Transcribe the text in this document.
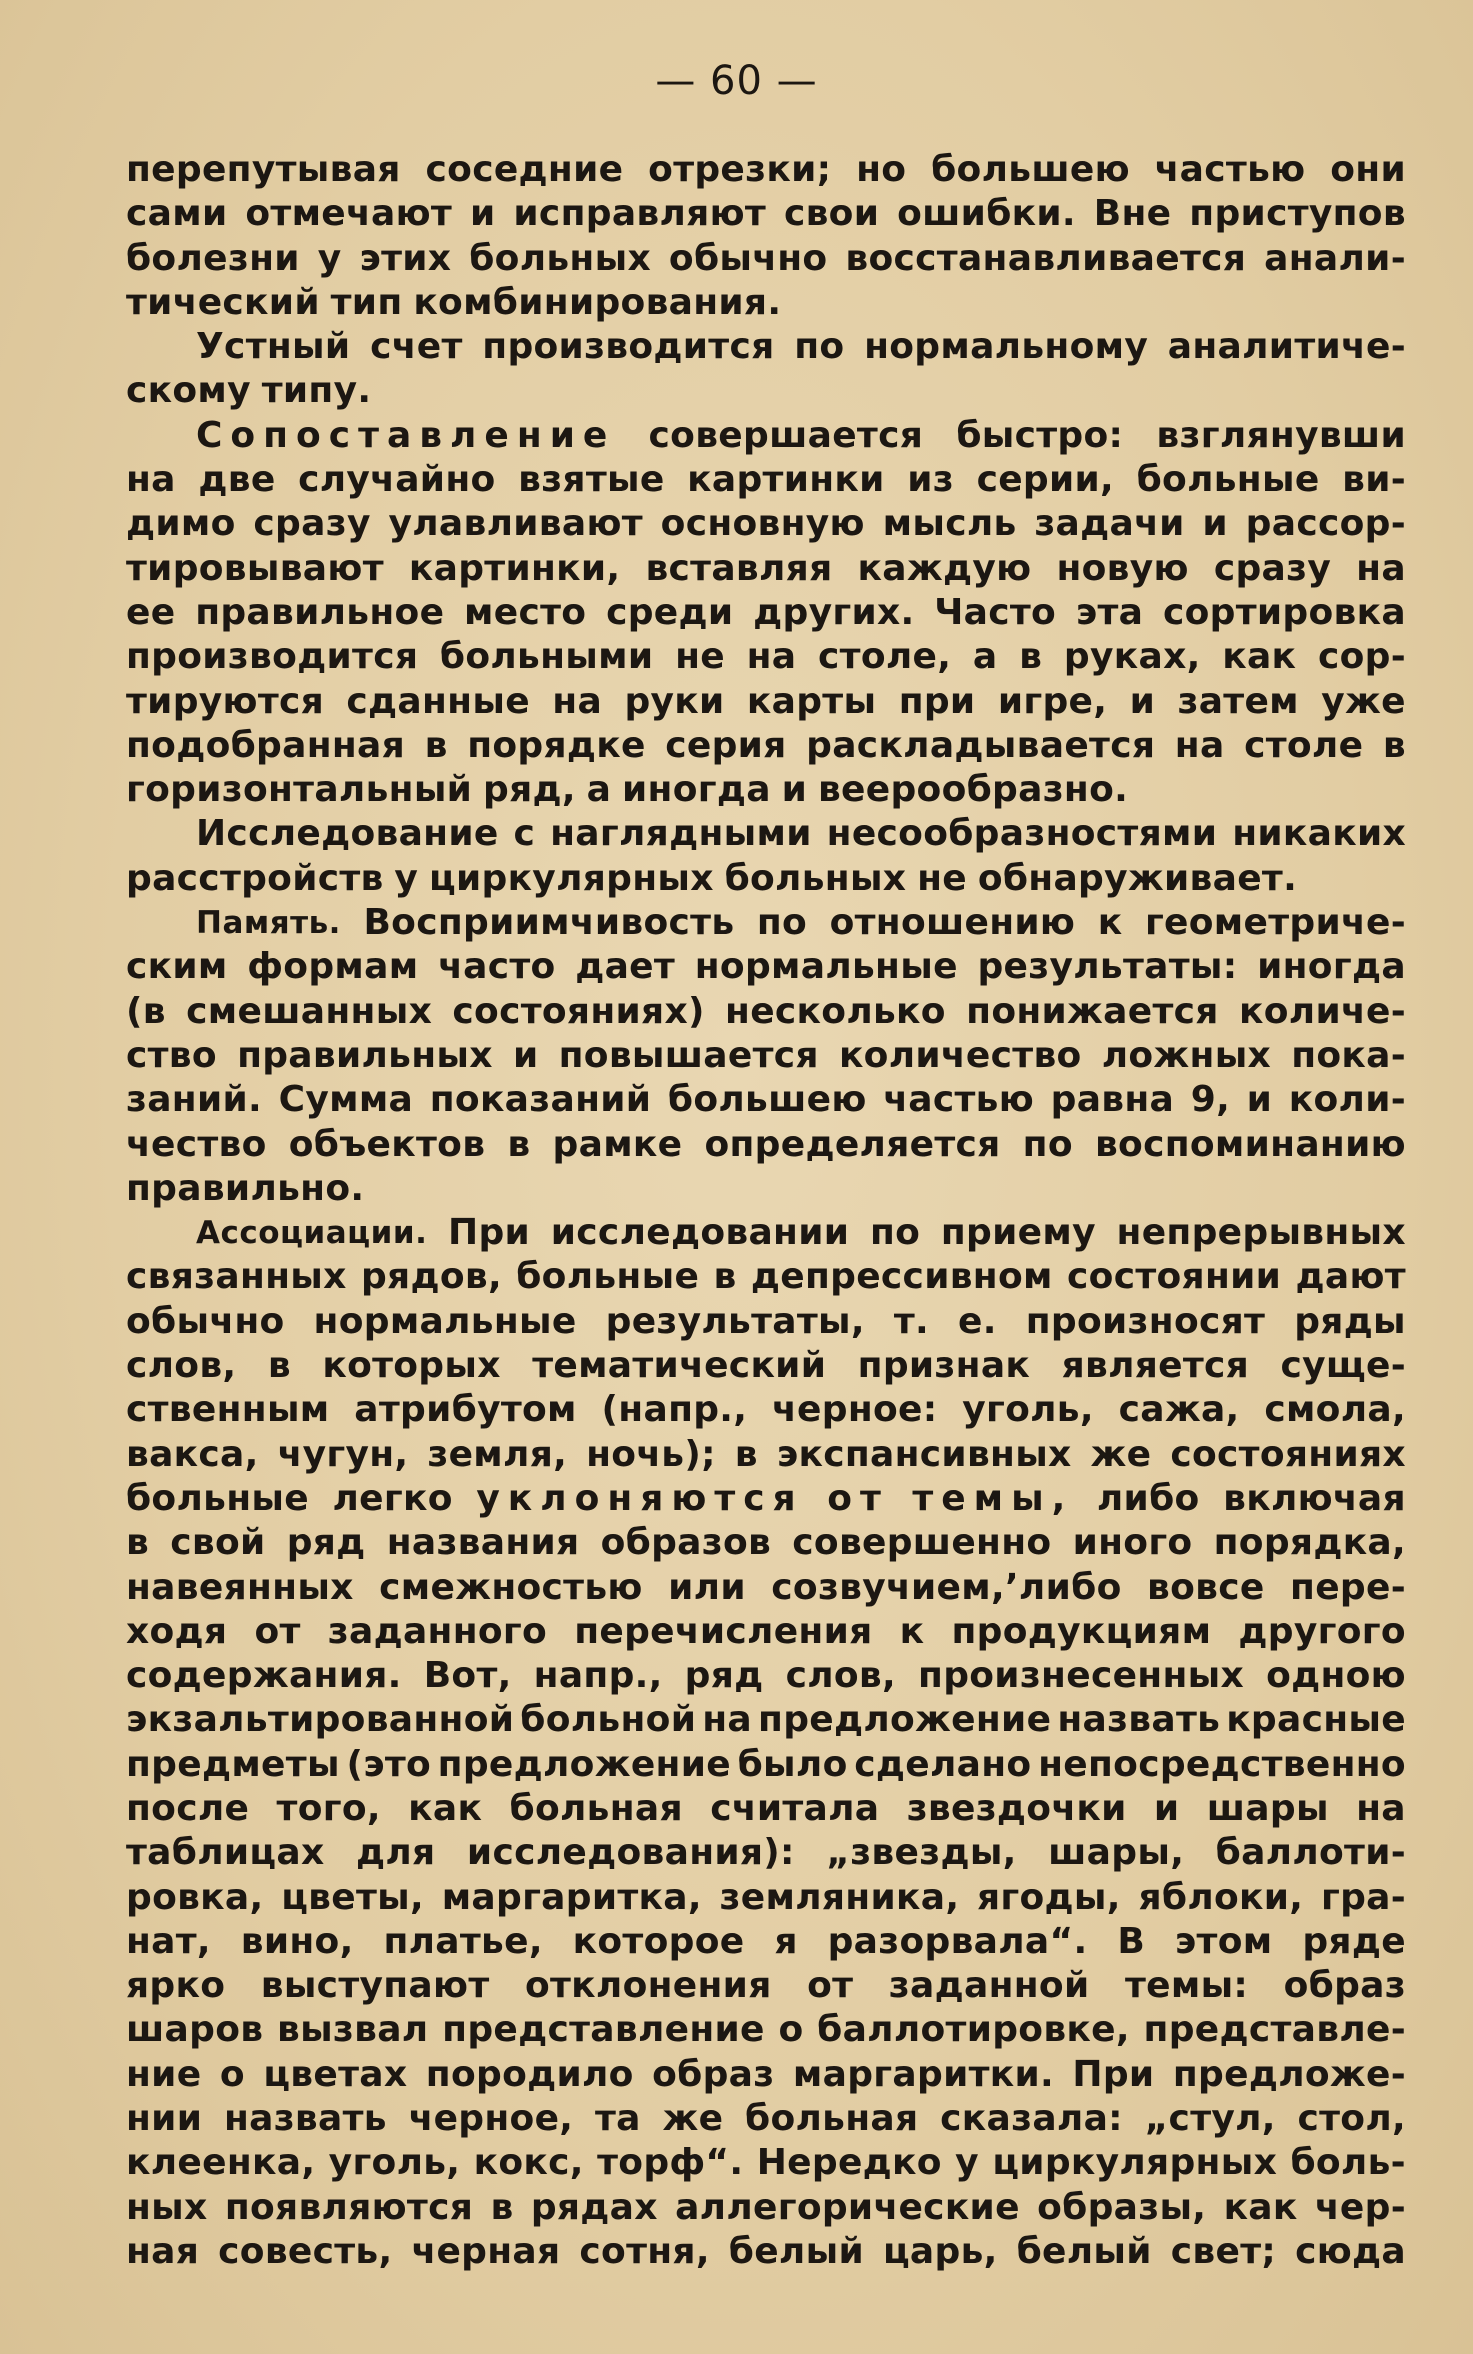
— 60 —
перепутывая соседние отрезки; но большею частью они
сами отмечают и исправляют свои ошибки. Вне приступов
болезни у этих больных обычно восстанавливается анали-
тический тип комбинирования.
Устный счет производится по нормальному аналитиче-
скому типу.
Сопоставление совершается быстро: взглянувши
на две случайно взятые картинки из серии, больные ви-
димо сразу улавливают основную мысль задачи и рассор-
тировывают картинки, вставляя каждую новую сразу на
ее правильное место среди других. Часто эта сортировка
производится больными не на столе, а в руках, как сор-
тируются сданные на руки карты при игре, и затем уже
подобранная в порядке серия раскладывается на столе в
горизонтальный ряд, а иногда и веерообразно.
Исследование с наглядными несообразностями никаких
расстройств у циркулярных больных не обнаруживает.
Память. Восприимчивость по отношению к геометриче-
ским формам часто дает нормальные результаты: иногда
(в смешанных состояниях) несколько понижается количе-
ство правильных и повышается количество ложных пока-
заний. Сумма показаний большею частью равна 9, и коли-
чество объектов в рамке определяется по воспоминанию
правильно.
Ассоциации. При исследовании по приему непрерывных
связанных рядов, больные в депрессивном состоянии дают
обычно нормальные результаты, т. е. произносят ряды
слов, в которых тематический признак является суще-
ственным атрибутом (напр., черное: уголь, сажа, смола,
вакса, чугун, земля, ночь); в экспансивных же состояниях
больные легко уклоняются от темы, либо включая
в свой ряд названия образов совершенно иного порядка,
навеянных смежностью или созвучием,’либо вовсе пере-
ходя от заданного перечисления к продукциям другого
содержания. Вот, напр., ряд слов, произнесенных одною
экзальтированной больной на предложение назвать красные
предметы (это предложение было сделано непосредственно
после того, как больная считала звездочки и шары на
таблицах для исследования): „звезды, шары, баллоти-
ровка, цветы, маргаритка, земляника, ягоды, яблоки, гра-
нат, вино, платье, которое я разорвала“. В этом ряде
ярко выступают отклонения от заданной темы: образ
шаров вызвал представление о баллотировке, представле-
ние о цветах породило образ маргаритки. При предложе-
нии назвать черное, та же больная сказала: „стул, стол,
клеенка, уголь, кокс, торф“. Нередко у циркулярных боль-
ных появляются в рядах аллегорические образы, как чер-
ная совесть, черная сотня, белый царь, белый свет; сюда
